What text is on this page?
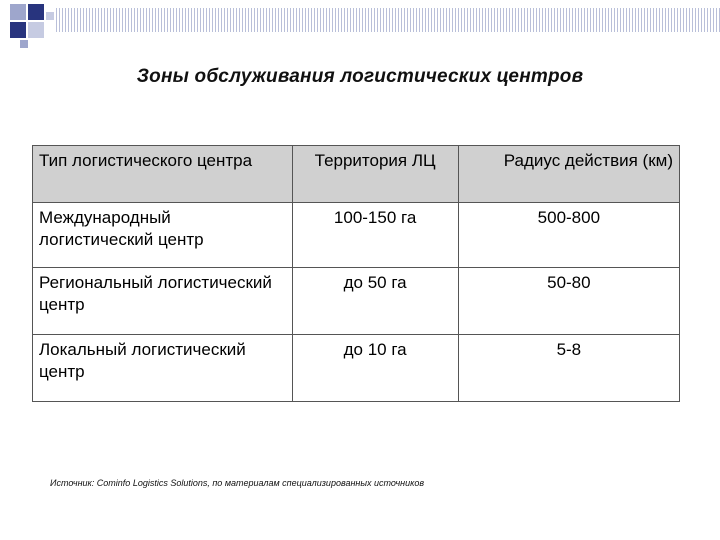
Зоны обслуживания логистических центров
Тип логистического центра	Территория ЛЦ	Радиус действия (км)
Международный логистический центр	100-150 га	500-800
Региональный логистический центр	до 50 га	50-80
Локальный логистический центр	до 10 га	5-8
Источник: Cominfo Logistics Solutions, по материалам специализированных источников
